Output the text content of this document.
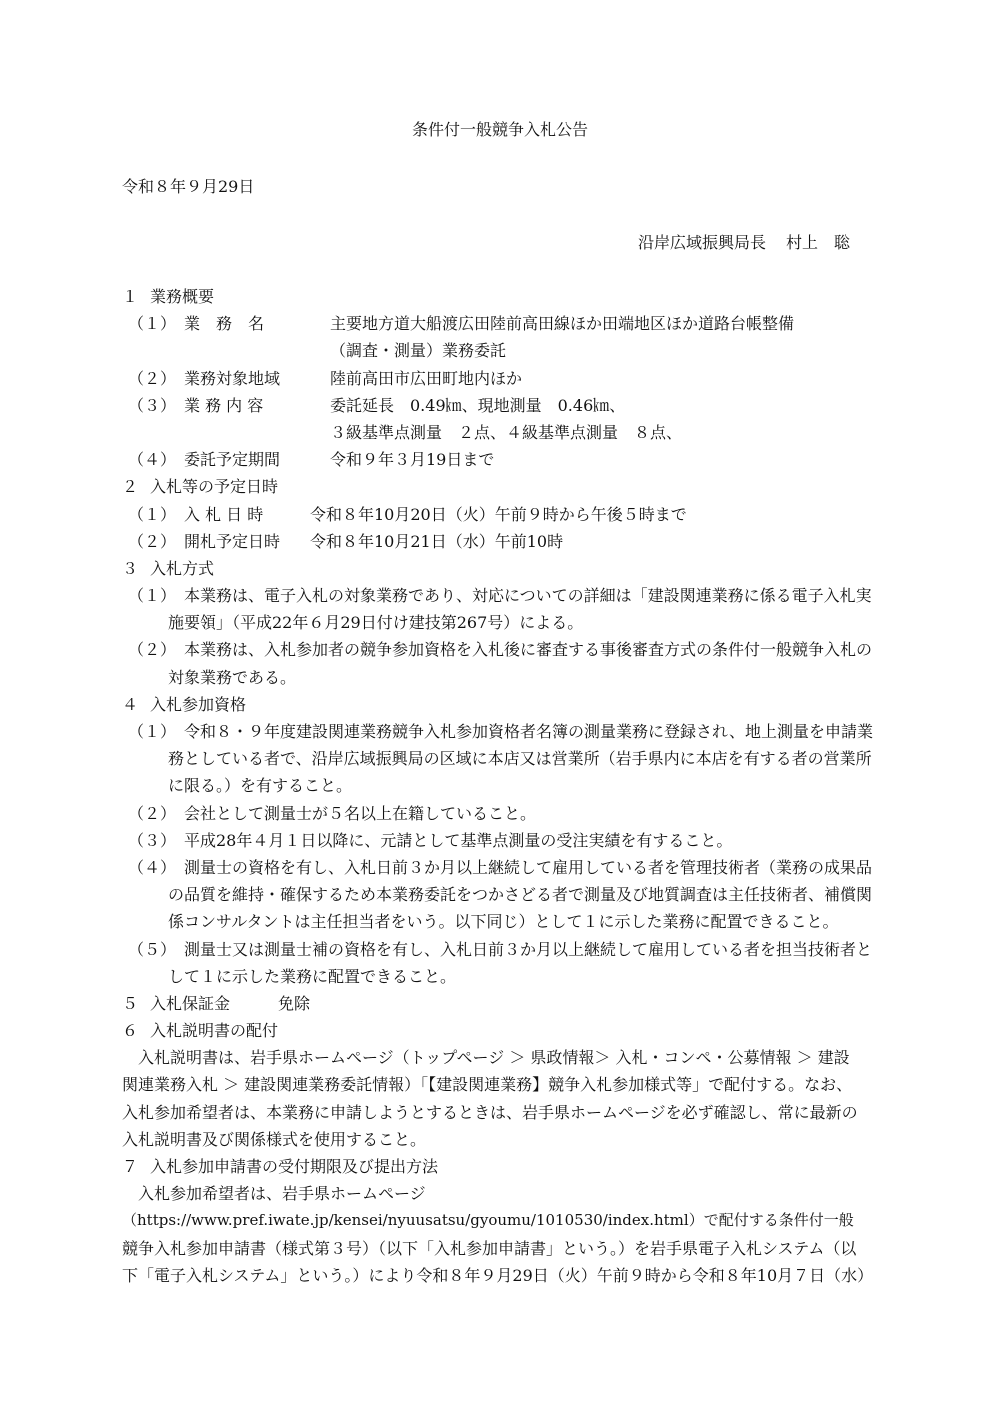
条件付一般競争入札公告
令和８年９月29日
沿岸広域振興局長 村上　聡
１ 業務概要
（１） 業　務　名	主要地方道大船渡広田陸前高田線ほか田端地区ほか道路台帳整備
（調査・測量）業務委託
（２） 業務対象地域	陸前高田市広田町地内ほか
（３） 業 務 内 容	委託延長　0.49㎞、現地測量　0.46㎞、
３級基準点測量　２点、４級基準点測量　８点、
（４） 委託予定期間	令和９年３月19日まで
２ 入札等の予定日時
（１） 入 札 日 時	令和８年10月20日（火）午前９時から午後５時まで
（２） 開札予定日時	令和８年10月21日（水）午前10時
３ 入札方式
（１） 本業務は、電子入札の対象業務であり、対応についての詳細は「建設関連業務に係る電子入札実
施要領」（平成22年６月29日付け建技第267号）による。
（２） 本業務は、入札参加者の競争参加資格を入札後に審査する事後審査方式の条件付一般競争入札の
対象業務である。
４ 入札参加資格
（１） 令和８・９年度建設関連業務競争入札参加資格者名簿の測量業務に登録され、地上測量を申請業
務としている者で、沿岸広域振興局の区域に本店又は営業所（岩手県内に本店を有する者の営業所
に限る。）を有すること。
（２） 会社として測量士が５名以上在籍していること。
（３） 平成28年４月１日以降に、元請として基準点測量の受注実績を有すること。
（４） 測量士の資格を有し、入札日前３か月以上継続して雇用している者を管理技術者（業務の成果品
の品質を維持・確保するため本業務委託をつかさどる者で測量及び地質調査は主任技術者、補償関
係コンサルタントは主任担当者をいう。以下同じ）として１に示した業務に配置できること。
（５） 測量士又は測量士補の資格を有し、入札日前３か月以上継続して雇用している者を担当技術者と
して１に示した業務に配置できること。
５ 入札保証金	免除
６ 入札説明書の配付
入札説明書は、岩手県ホームページ（トップページ ＞ 県政情報＞ 入札・コンペ・公募情報 ＞ 建設
関連業務入札 ＞ 建設関連業務委託情報）「【建設関連業務】競争入札参加様式等」で配付する。なお、
入札参加希望者は、本業務に申請しようとするときは、岩手県ホームページを必ず確認し、常に最新の
入札説明書及び関係様式を使用すること。
７ 入札参加申請書の受付期限及び提出方法
入札参加希望者は、岩手県ホームページ
（https://www.pref.iwate.jp/kensei/nyuusatsu/gyoumu/1010530/index.html）で配付する条件付一般
競争入札参加申請書（様式第３号）（以下「入札参加申請書」という。）を岩手県電子入札システム（以
下「電子入札システム」という。）により令和８年９月29日（火）午前９時から令和８年10月７日（水）
